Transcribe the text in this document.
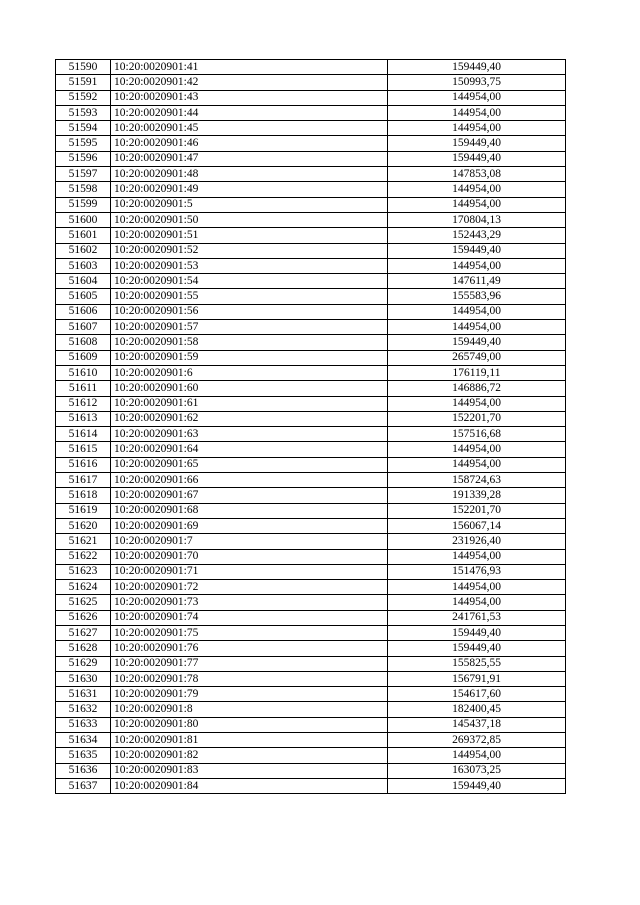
51590	10:20:0020901:41	159449,40
51591	10:20:0020901:42	150993,75
51592	10:20:0020901:43	144954,00
51593	10:20:0020901:44	144954,00
51594	10:20:0020901:45	144954,00
51595	10:20:0020901:46	159449,40
51596	10:20:0020901:47	159449,40
51597	10:20:0020901:48	147853,08
51598	10:20:0020901:49	144954,00
51599	10:20:0020901:5	144954,00
51600	10:20:0020901:50	170804,13
51601	10:20:0020901:51	152443,29
51602	10:20:0020901:52	159449,40
51603	10:20:0020901:53	144954,00
51604	10:20:0020901:54	147611,49
51605	10:20:0020901:55	155583,96
51606	10:20:0020901:56	144954,00
51607	10:20:0020901:57	144954,00
51608	10:20:0020901:58	159449,40
51609	10:20:0020901:59	265749,00
51610	10:20:0020901:6	176119,11
51611	10:20:0020901:60	146886,72
51612	10:20:0020901:61	144954,00
51613	10:20:0020901:62	152201,70
51614	10:20:0020901:63	157516,68
51615	10:20:0020901:64	144954,00
51616	10:20:0020901:65	144954,00
51617	10:20:0020901:66	158724,63
51618	10:20:0020901:67	191339,28
51619	10:20:0020901:68	152201,70
51620	10:20:0020901:69	156067,14
51621	10:20:0020901:7	231926,40
51622	10:20:0020901:70	144954,00
51623	10:20:0020901:71	151476,93
51624	10:20:0020901:72	144954,00
51625	10:20:0020901:73	144954,00
51626	10:20:0020901:74	241761,53
51627	10:20:0020901:75	159449,40
51628	10:20:0020901:76	159449,40
51629	10:20:0020901:77	155825,55
51630	10:20:0020901:78	156791,91
51631	10:20:0020901:79	154617,60
51632	10:20:0020901:8	182400,45
51633	10:20:0020901:80	145437,18
51634	10:20:0020901:81	269372,85
51635	10:20:0020901:82	144954,00
51636	10:20:0020901:83	163073,25
51637	10:20:0020901:84	159449,40
